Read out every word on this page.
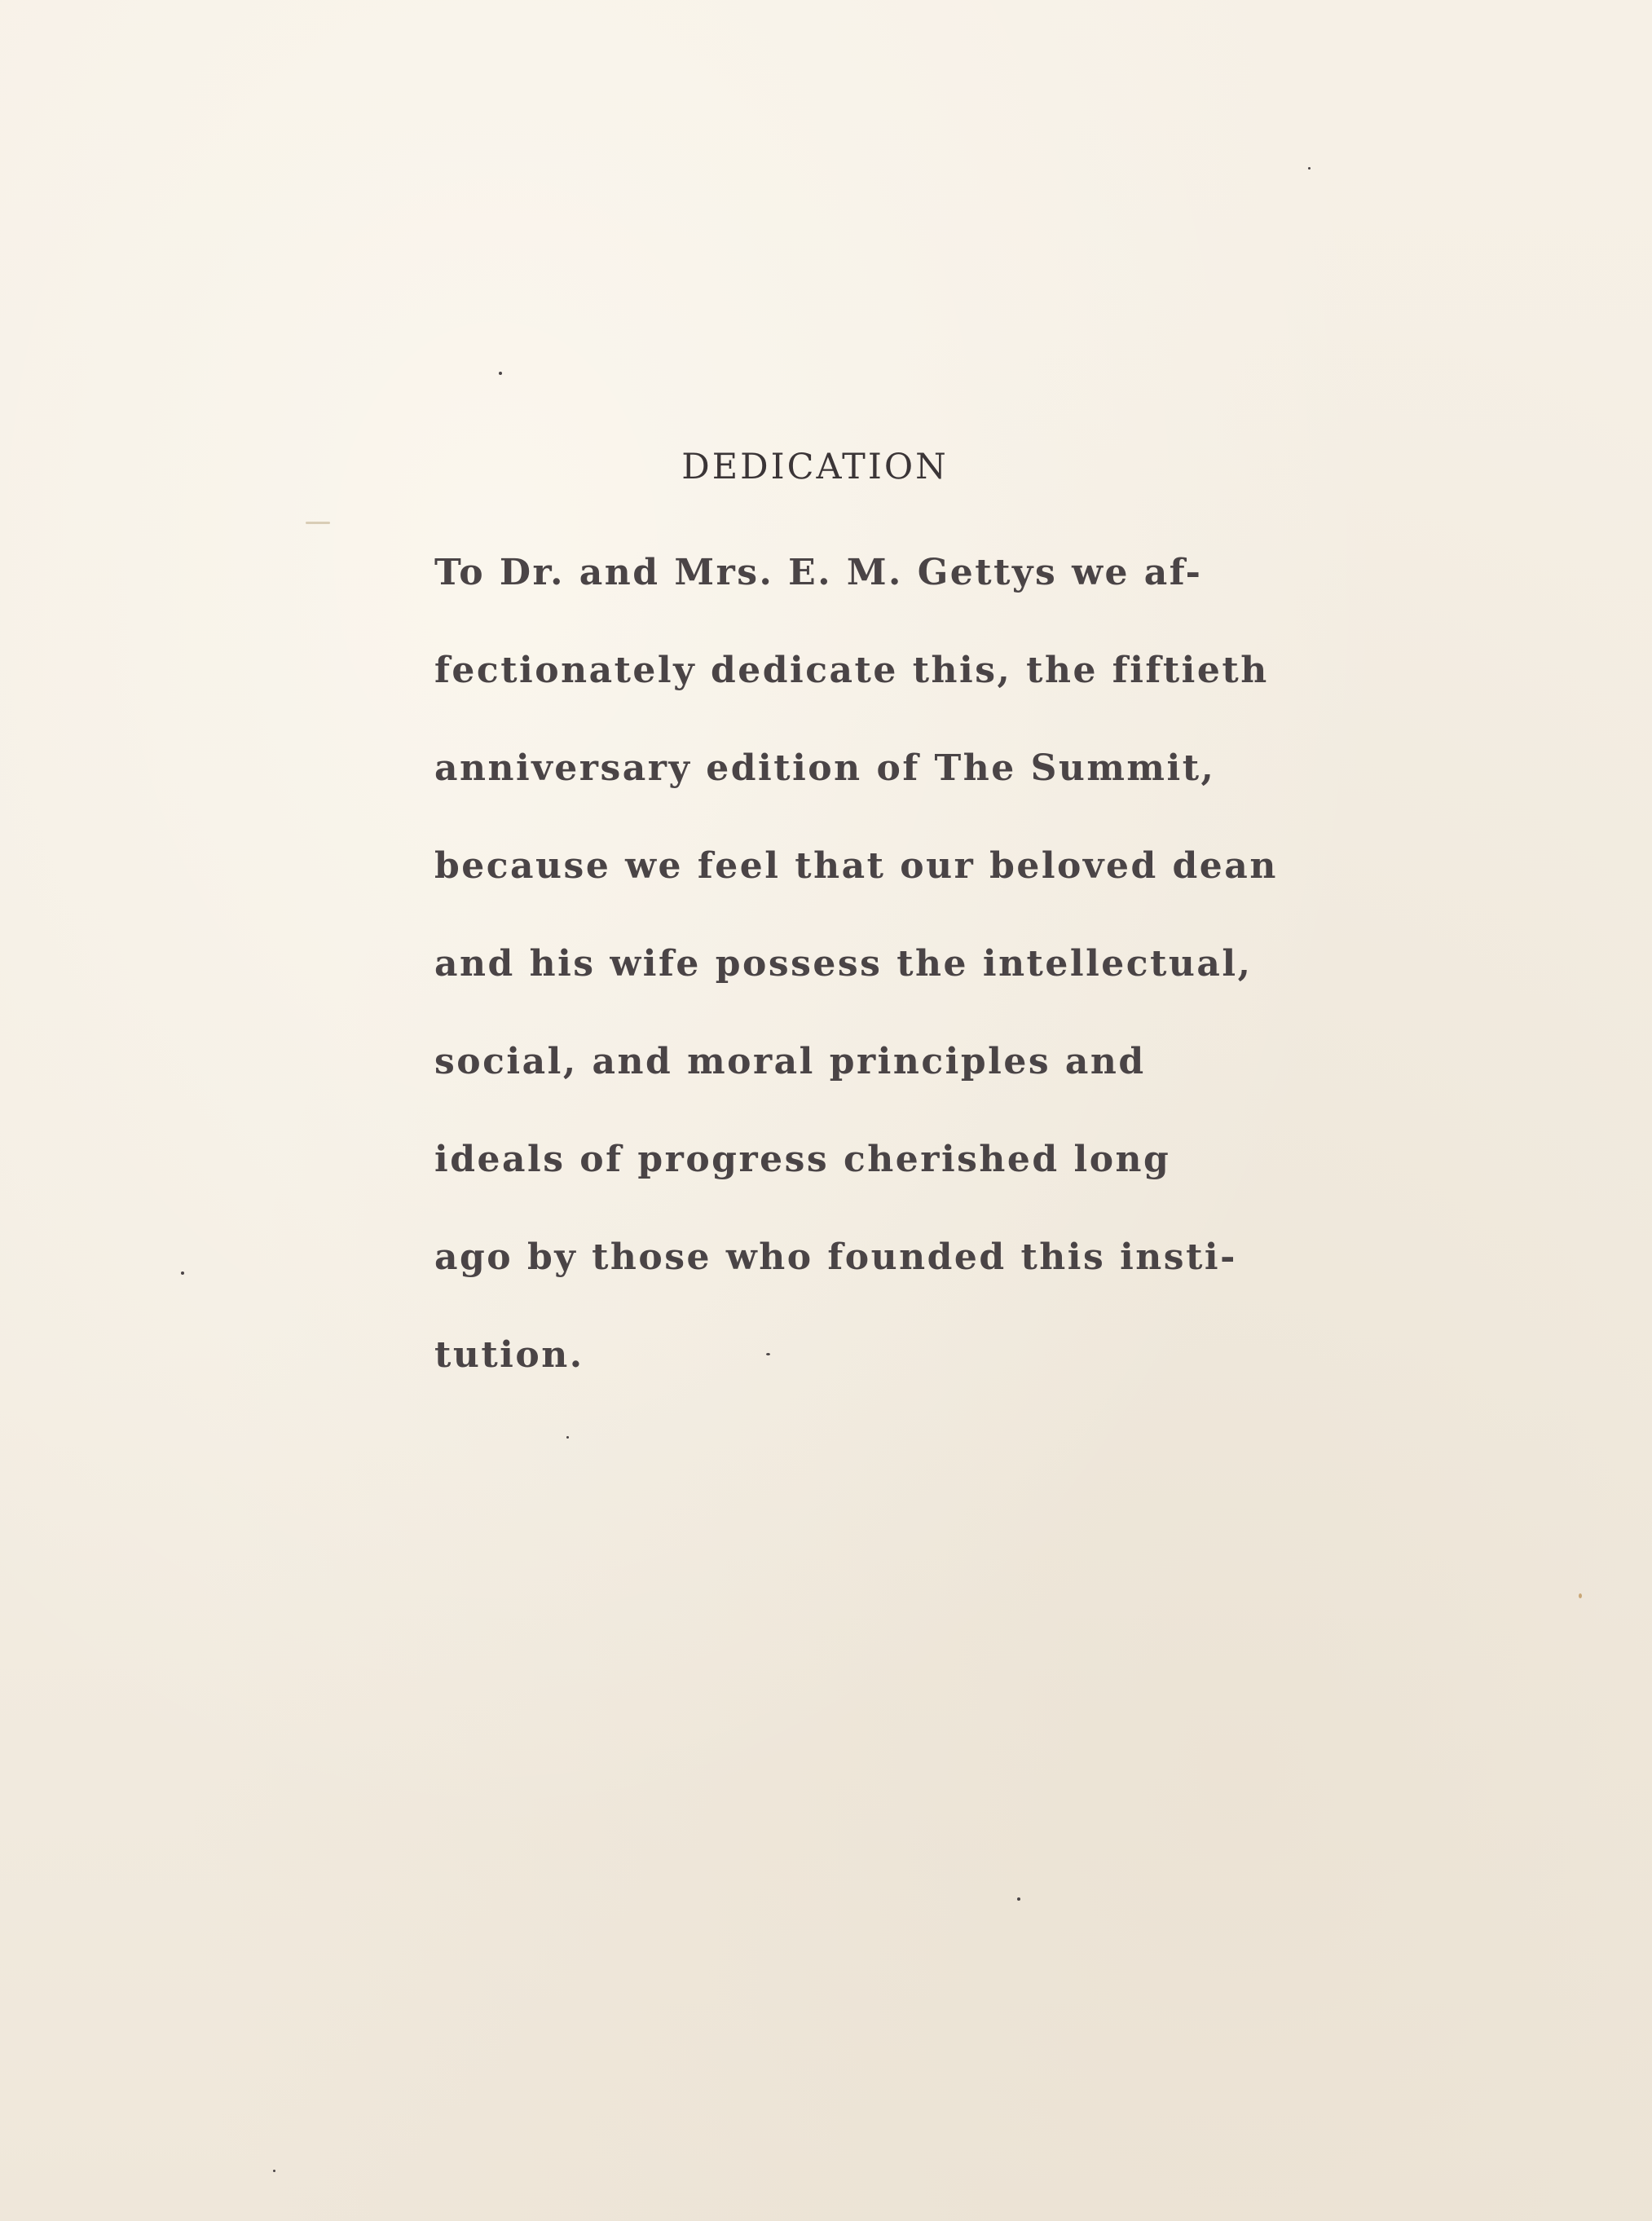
DEDICATION
To Dr. and Mrs. E. M. Gettys we af-
fectionately dedicate this, the fiftieth
anniversary edition of The Summit,
because we feel that our beloved dean
and his wife possess the intellectual,
social, and moral principles and
ideals of progress cherished long
ago by those who founded this insti-
tution.
